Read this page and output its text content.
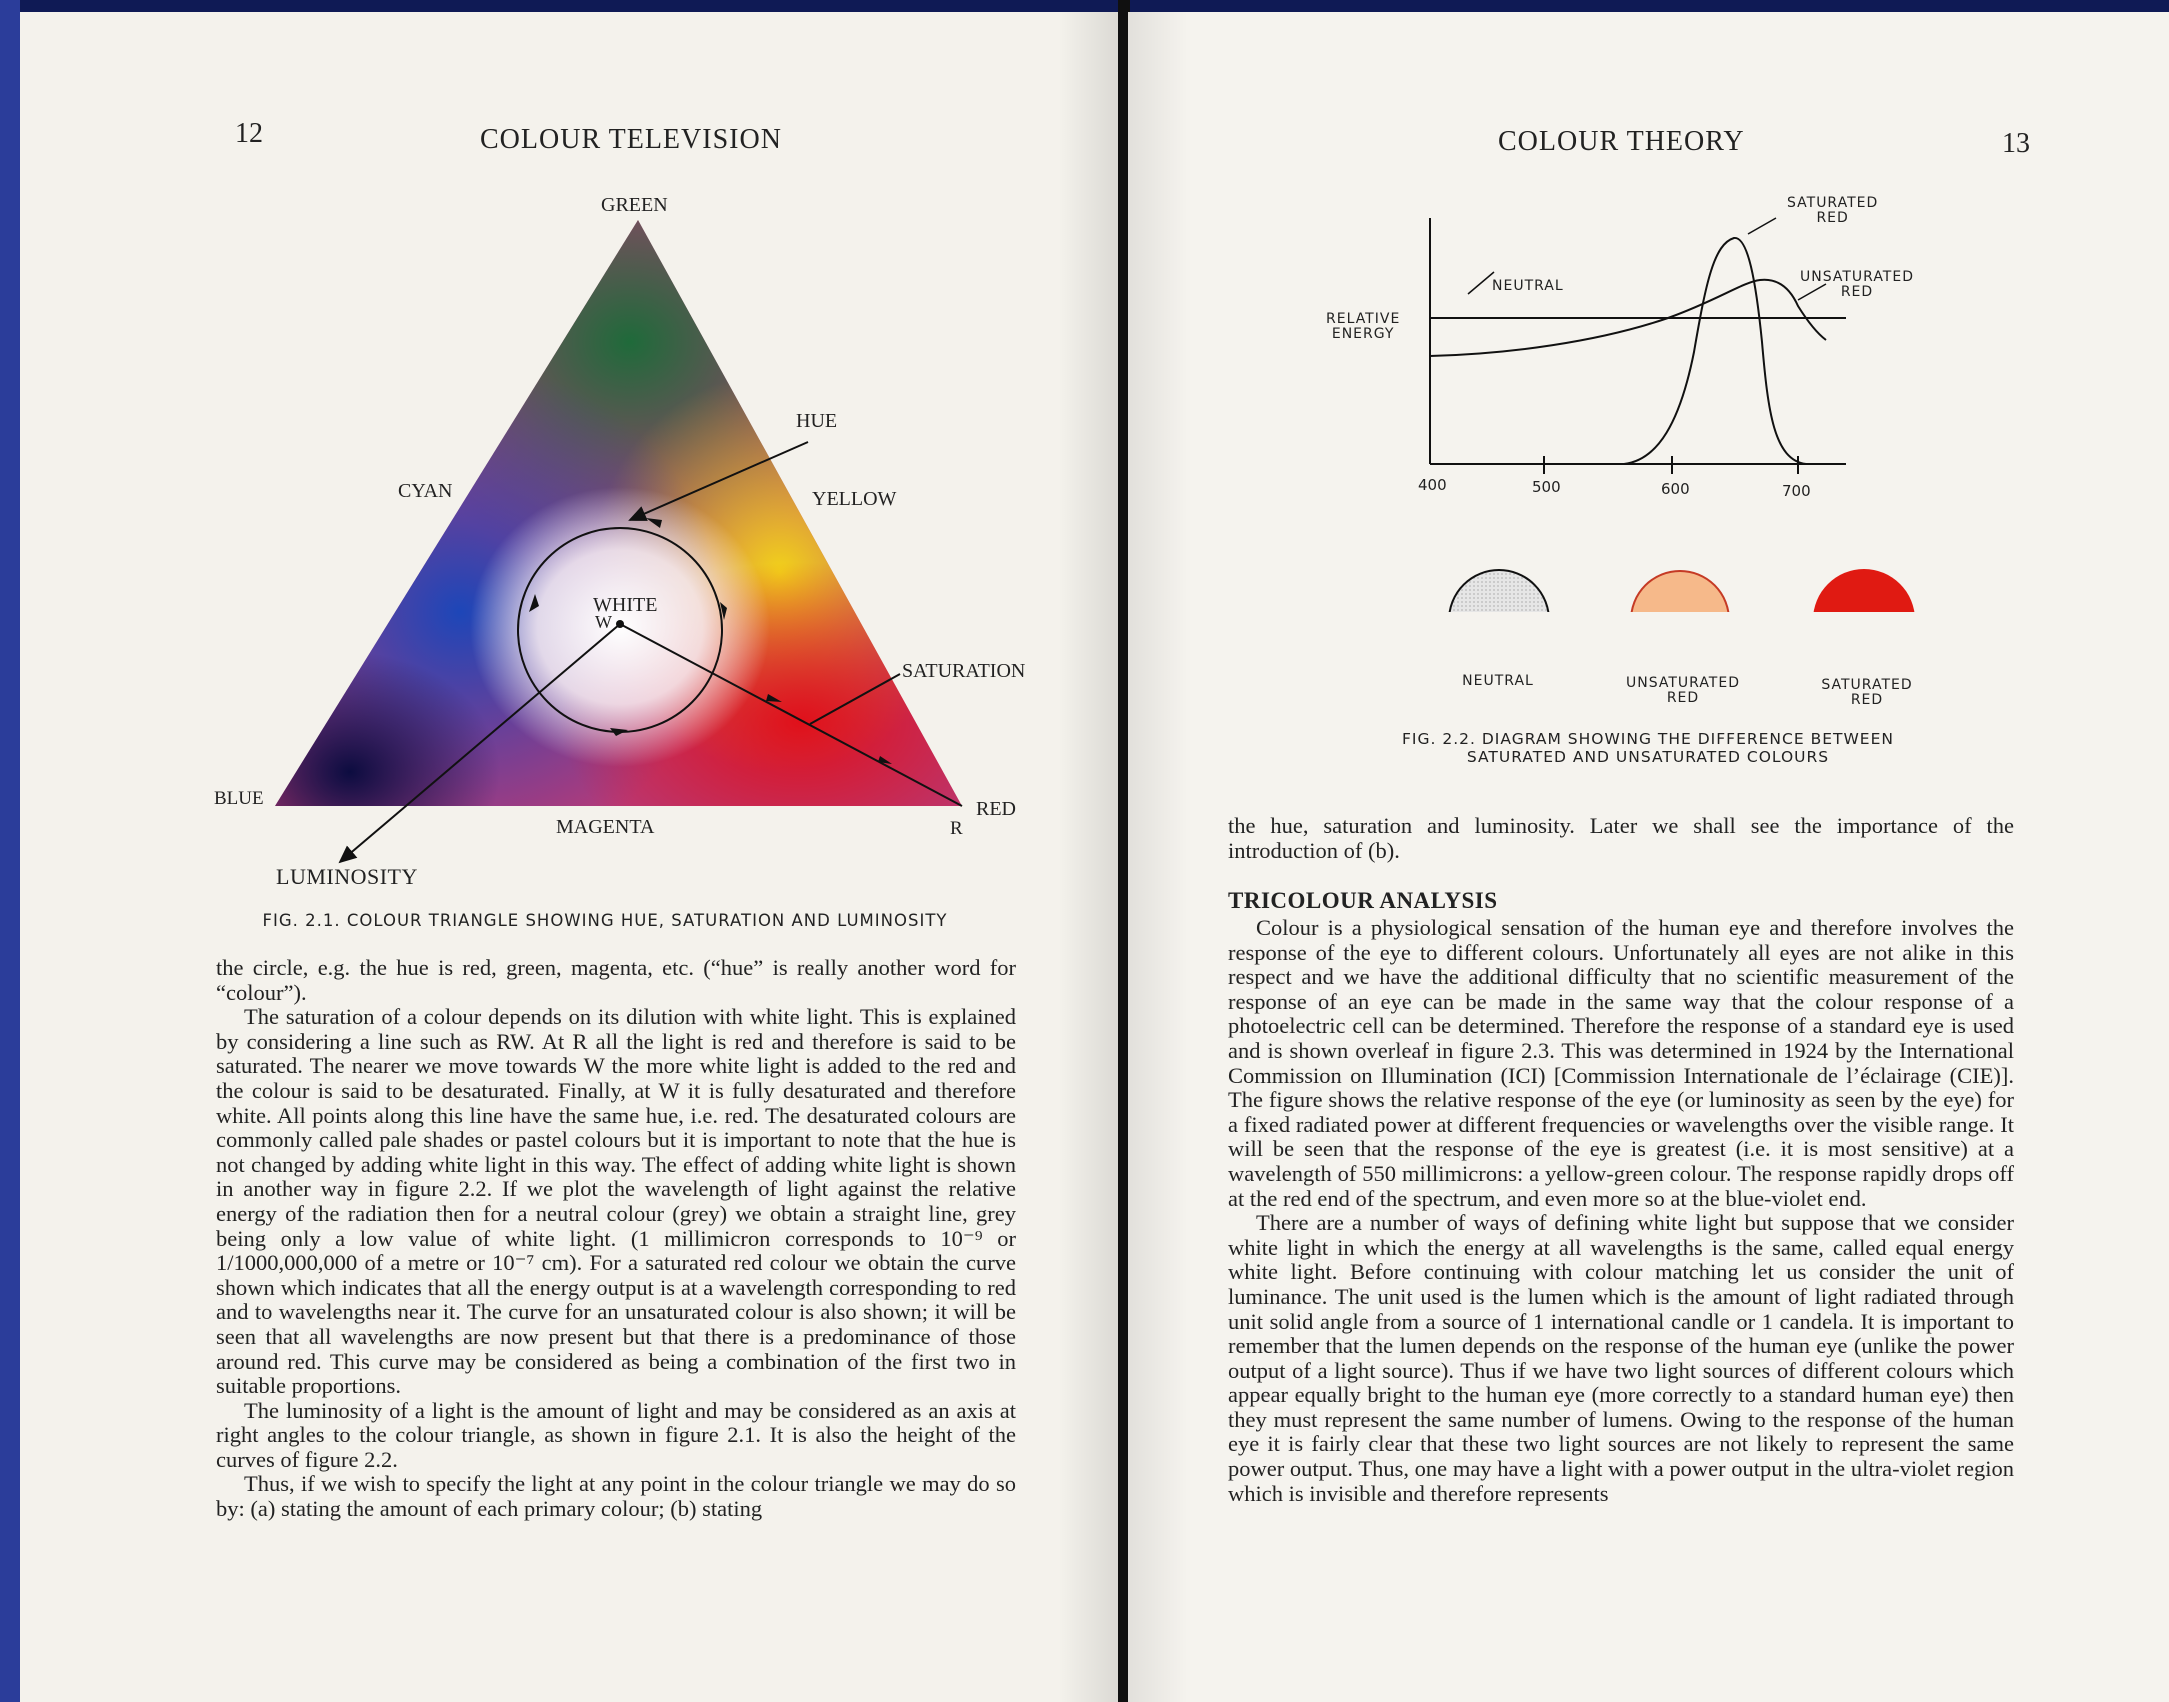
12	COLOUR TELEVISION
GREEN
HUE
CYAN	YELLOW
WHITE
W
SATURATION
BLUE	RED
R
MAGENTA
LUMINOSITY
FIG. 2.1. COLOUR TRIANGLE SHOWING HUE, SATURATION AND LUMINOSITY

the circle, e.g. the hue is red, green, magenta, etc. (“hue” is really another word for “colour”).

The saturation of a colour depends on its dilution with white light. This is explained by considering a line such as RW. At R all the light is red and therefore is said to be saturated. The nearer we move towards W the more white light is added to the red and the colour is said to be desaturated. Finally, at W it is fully desaturated and therefore white. All points along this line have the same hue, i.e. red. The desaturated colours are commonly called pale shades or pastel colours but it is important to note that the hue is not changed by adding white light in this way. The effect of adding white light is shown in another way in figure 2.2. If we plot the wavelength of light against the relative energy of the radiation then for a neutral colour (grey) we obtain a straight line, grey being only a low value of white light. (1 millimicron corresponds to 10⁻⁹ or 1/1000,000,000 of a metre or 10⁻⁷ cm). For a saturated red colour we obtain the curve shown which indicates that all the energy output is at a wavelength corresponding to red and to wavelengths near it. The curve for an unsaturated colour is also shown; it will be seen that all wavelengths are now present but that there is a predominance of those around red. This curve may be considered as being a combination of the first two in suitable proportions.

The luminosity of a light is the amount of light and may be considered as an axis at right angles to the colour triangle, as shown in figure 2.1. It is also the height of the curves of figure 2.2.

Thus, if we wish to specify the light at any point in the colour triangle we may do so by: (a) stating the amount of each primary colour; (b) stating

COLOUR THEORY	13
SATURATED
RED
UNSATURATED
RED
NEUTRAL
RELATIVE
ENERGY
400	500	600	700
NEUTRAL	UNSATURATED
RED
SATURATED
RED
FIG. 2.2. DIAGRAM SHOWING THE DIFFERENCE BETWEEN
SATURATED AND UNSATURATED COLOURS

the hue, saturation and luminosity. Later we shall see the importance of the introduction of (b).

TRICOLOUR ANALYSIS

Colour is a physiological sensation of the human eye and therefore involves the response of the eye to different colours. Unfortunately all eyes are not alike in this respect and we have the additional difficulty that no scientific measurement of the response of an eye can be made in the same way that the colour response of a photoelectric cell can be determined. Therefore the response of a standard eye is used and is shown overleaf in figure 2.3. This was determined in 1924 by the International Commission on Illumination (ICI) [Commission Internationale de l’éclairage (CIE)]. The figure shows the relative response of the eye (or luminosity as seen by the eye) for a fixed radiated power at different frequencies or wavelengths over the visible range. It will be seen that the response of the eye is greatest (i.e. it is most sensitive) at a wavelength of 550 millimicrons: a yellow-green colour. The response rapidly drops off at the red end of the spectrum, and even more so at the blue-violet end.

There are a number of ways of defining white light but suppose that we consider white light in which the energy at all wavelengths is the same, called equal energy white light. Before continuing with colour matching let us consider the unit of luminance. The unit used is the lumen which is the amount of light radiated through unit solid angle from a source of 1 international candle or 1 candela. It is important to remember that the lumen depends on the response of the human eye (unlike the power output of a light source). Thus if we have two light sources of different colours which appear equally bright to the human eye (more correctly to a standard human eye) then they must represent the same number of lumens. Owing to the response of the human eye it is fairly clear that these two light sources are not likely to represent the same power output. Thus, one may have a light with a power output in the ultra-violet region which is invisible and therefore represents
